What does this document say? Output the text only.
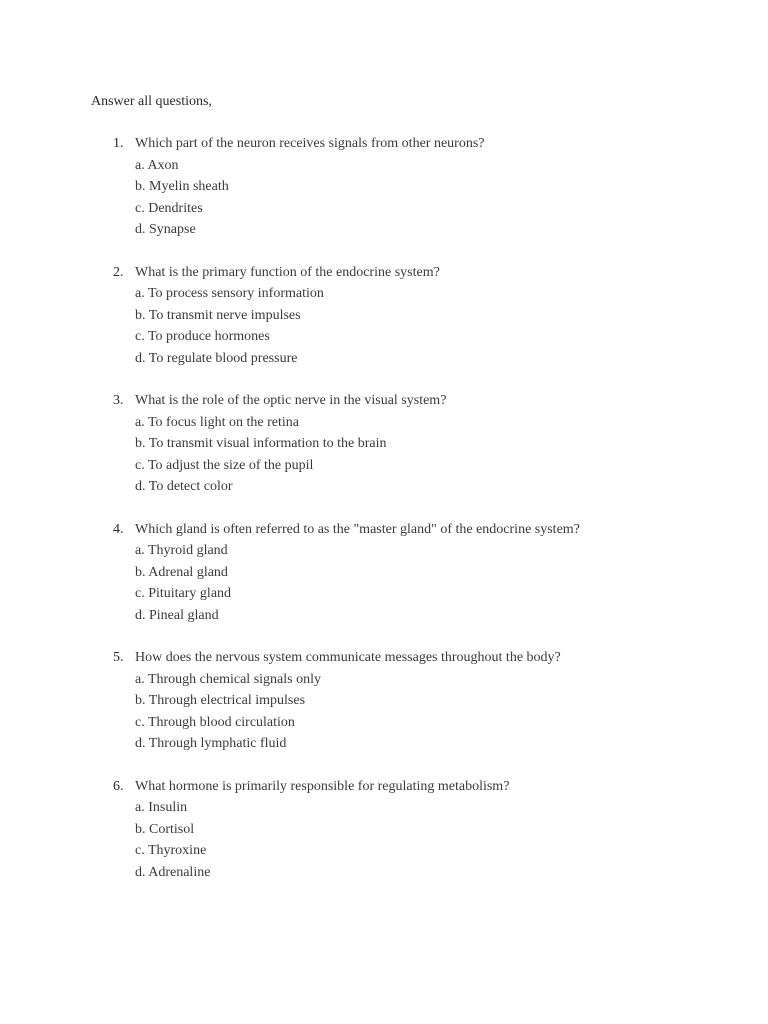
Answer all questions,
1. Which part of the neuron receives signals from other neurons?
a. Axon
b. Myelin sheath
c. Dendrites
d. Synapse
2. What is the primary function of the endocrine system?
a. To process sensory information
b. To transmit nerve impulses
c. To produce hormones
d. To regulate blood pressure
3. What is the role of the optic nerve in the visual system?
a. To focus light on the retina
b. To transmit visual information to the brain
c. To adjust the size of the pupil
d. To detect color
4. Which gland is often referred to as the "master gland" of the endocrine system?
a. Thyroid gland
b. Adrenal gland
c. Pituitary gland
d. Pineal gland
5. How does the nervous system communicate messages throughout the body?
a. Through chemical signals only
b. Through electrical impulses
c. Through blood circulation
d. Through lymphatic fluid
6. What hormone is primarily responsible for regulating metabolism?
a. Insulin
b. Cortisol
c. Thyroxine
d. Adrenaline
